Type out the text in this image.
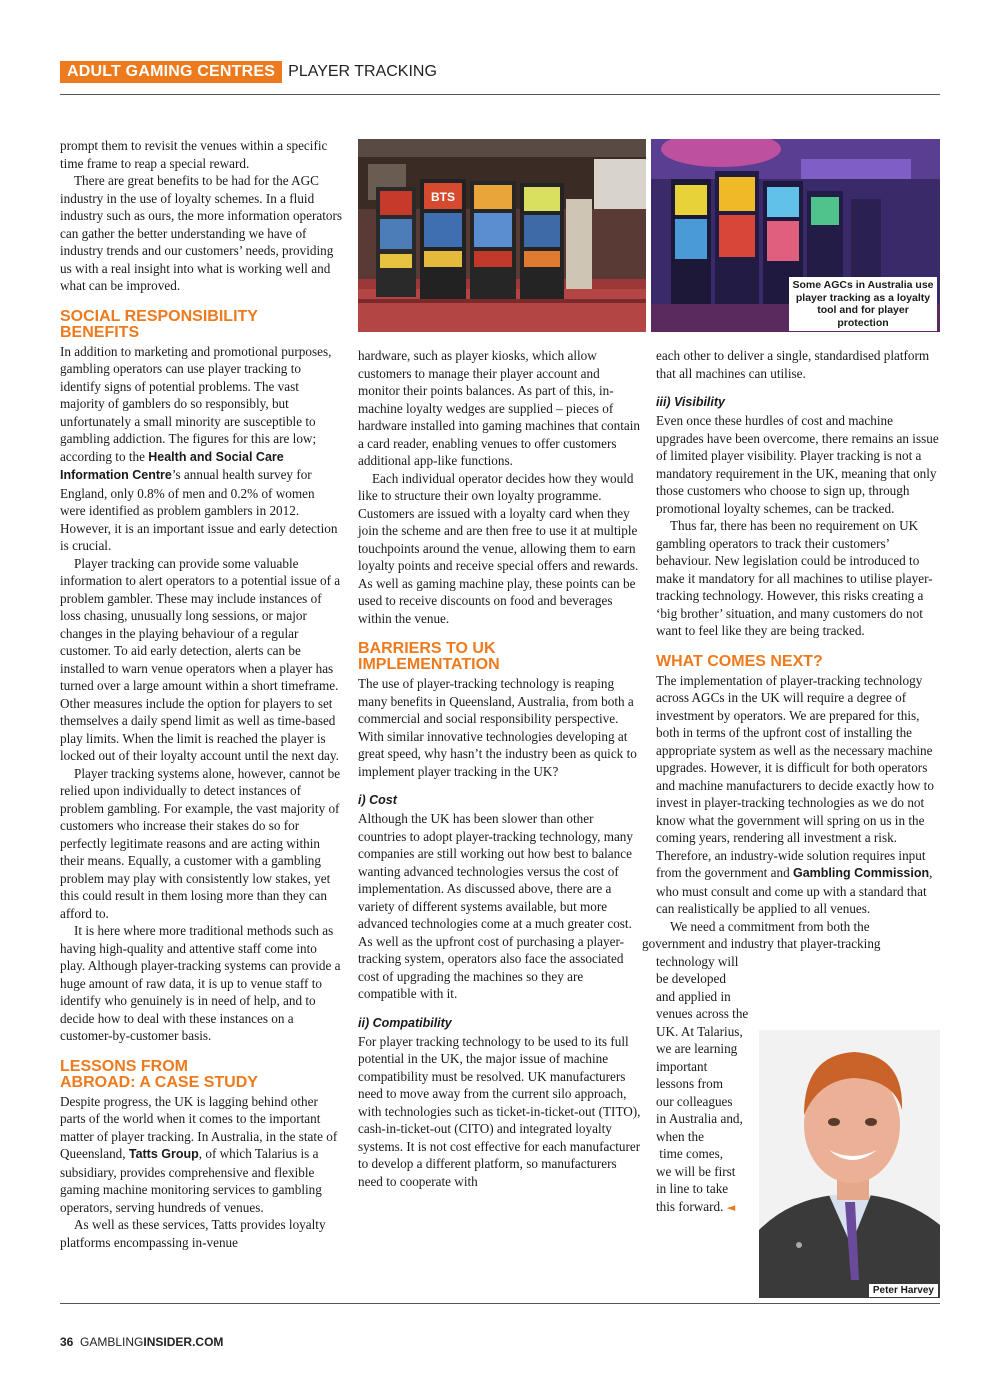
ADULT GAMING CENTRES PLAYER TRACKING
BTS
Some AGCs in Australia use player tracking as a loyalty tool and for player protection

prompt them to revisit the venues within a specific time frame to reap a special reward.

There are great benefits to be had for the AGC industry in the use of loyalty schemes. In a fluid industry such as ours, the more information operators can gather the better understanding we have of industry trends and our customers’ needs, providing us with a real insight into what is working well and what can be improved.

SOCIAL RESPONSIBILITY
BENEFITS

In addition to marketing and promotional purposes, gambling operators can use player tracking to identify signs of potential problems. The vast majority of gamblers do so responsibly, but unfortunately a small minority are susceptible to gambling addiction. The figures for this are low; according to the Health and Social Care Information Centre’s annual health survey for England, only 0.8% of men and 0.2% of women were identified as problem gamblers in 2012. However, it is an important issue and early detection is crucial.

Player tracking can provide some valuable information to alert operators to a potential issue of a problem gambler. These may include instances of loss chasing, unusually long sessions, or major changes in the playing behaviour of a regular customer. To aid early detection, alerts can be installed to warn venue operators when a player has turned over a large amount within a short timeframe. Other measures include the option for players to set themselves a daily spend limit as well as time-based play limits. When the limit is reached the player is locked out of their loyalty account until the next day.

Player tracking systems alone, however, cannot be relied upon individually to detect instances of problem gambling. For example, the vast majority of customers who increase their stakes do so for perfectly legitimate reasons and are acting within their means. Equally, a customer with a gambling problem may play with consistently low stakes, yet this could result in them losing more than they can afford to.

It is here where more traditional methods such as having high-quality and attentive staff come into play. Although player-tracking systems can provide a huge amount of raw data, it is up to venue staff to identify who genuinely is in need of help, and to decide how to deal with these instances on a customer-by-customer basis.

LESSONS FROM
ABROAD: A CASE STUDY

Despite progress, the UK is lagging behind other parts of the world when it comes to the important matter of player tracking. In Australia, in the state of Queensland, Tatts Group, of which Talarius is a subsidiary, provides comprehensive and flexible gaming machine monitoring services to gambling operators, serving hundreds of venues.

As well as these services, Tatts provides loyalty platforms encompassing in-venue

hardware, such as player kiosks, which allow customers to manage their player account and monitor their points balances. As part of this, in-machine loyalty wedges are supplied – pieces of hardware installed into gaming machines that contain a card reader, enabling venues to offer customers additional app-like functions.

Each individual operator decides how they would like to structure their own loyalty programme. Customers are issued with a loyalty card when they join the scheme and are then free to use it at multiple touchpoints around the venue, allowing them to earn loyalty points and receive special offers and rewards. As well as gaming machine play, these points can be used to receive discounts on food and beverages within the venue.

BARRIERS TO UK
IMPLEMENTATION

The use of player-tracking technology is reaping many benefits in Queensland, Australia, from both a commercial and social responsibility perspective. With similar innovative technologies developing at great speed, why hasn’t the industry been as quick to implement player tracking in the UK?

i) Cost

Although the UK has been slower than other countries to adopt player-tracking technology, many companies are still working out how best to balance wanting advanced technologies versus the cost of implementation. As discussed above, there are a variety of different systems available, but more advanced technologies come at a much greater cost. As well as the upfront cost of purchasing a player-tracking system, operators also face the associated cost of upgrading the machines so they are compatible with it.

ii) Compatibility

For player tracking technology to be used to its full potential in the UK, the major issue of machine compatibility must be resolved. UK manufacturers need to move away from the current silo approach, with technologies such as ticket-in-ticket-out (TITO), cash-in-ticket-out (CITO) and integrated loyalty systems. It is not cost effective for each manufacturer to develop a different platform, so manufacturers need to cooperate with

each other to deliver a single, standardised platform that all machines can utilise.

iii) Visibility

Even once these hurdles of cost and machine upgrades have been overcome, there remains an issue of limited player visibility. Player tracking is not a mandatory requirement in the UK, meaning that only those customers who choose to sign up, through promotional loyalty schemes, can be tracked.

Thus far, there has been no requirement on UK gambling operators to track their customers’ behaviour. New legislation could be introduced to make it mandatory for all machines to utilise player-tracking technology. However, this risks creating a ‘big brother’ situation, and many customers do not want to feel like they are being tracked.

WHAT COMES NEXT?

The implementation of player-tracking technology across AGCs in the UK will require a degree of investment by operators. We are prepared for this, both in terms of the upfront cost of installing the appropriate system as well as the necessary machine upgrades. However, it is difficult for both operators and machine manufacturers to decide exactly how to invest in player-tracking technologies as we do not know what the government will spring on us in the coming years, rendering all investment a risk. Therefore, an industry-wide solution requires input from the government and Gambling Commission, who must consult and come up with a standard that can realistically be applied to all venues.

We need a commitment from both the
government and industry that player-tracking

technology will
be developed
and applied in
venues across the
UK. At Talarius,
we are learning
important
lessons from
our colleagues
in Australia and,
when the
time comes,
we will be first
in line to take
this forward. ◄
Peter Harvey
36 GAMBLINGINSIDER.COM
